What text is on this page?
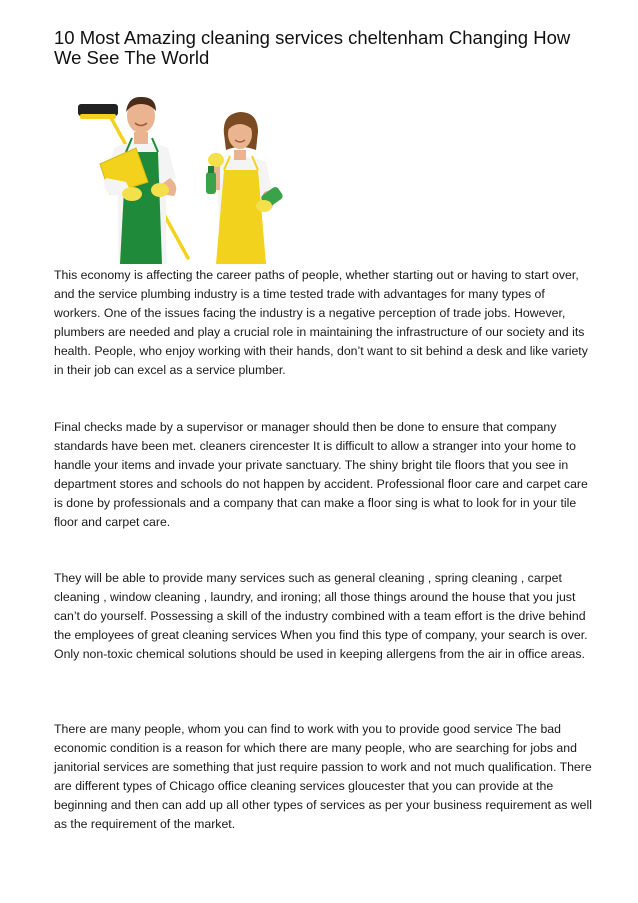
10 Most Amazing cleaning services cheltenham Changing How We See The World

This economy is affecting the career paths of people, whether starting out or having to start over, and the service plumbing industry is a time tested trade with advantages for many types of workers. One of the issues facing the industry is a negative perception of trade jobs. However, plumbers are needed and play a crucial role in maintaining the infrastructure of our society and its health. People, who enjoy working with their hands, don’t want to sit behind a desk and like variety in their job can excel as a service plumber.

Final checks made by a supervisor or manager should then be done to ensure that company standards have been met. cleaners cirencester It is difficult to allow a stranger into your home to handle your items and invade your private sanctuary. The shiny bright tile floors that you see in department stores and schools do not happen by accident. Professional floor care and carpet care is done by professionals and a company that can make a floor sing is what to look for in your tile floor and carpet care.

They will be able to provide many services such as general cleaning , spring cleaning , carpet cleaning , window cleaning , laundry, and ironing; all those things around the house that you just can’t do yourself. Possessing a skill of the industry combined with a team effort is the drive behind the employees of great cleaning services When you find this type of company, your search is over. Only non-toxic chemical solutions should be used in keeping allergens from the air in office areas.

There are many people, whom you can find to work with you to provide good service The bad economic condition is a reason for which there are many people, who are searching for jobs and janitorial services are something that just require passion to work and not much qualification. There are different types of Chicago office cleaning services gloucester that you can provide at the beginning and then can add up all other types of services as per your business requirement as well as the requirement of the market.
